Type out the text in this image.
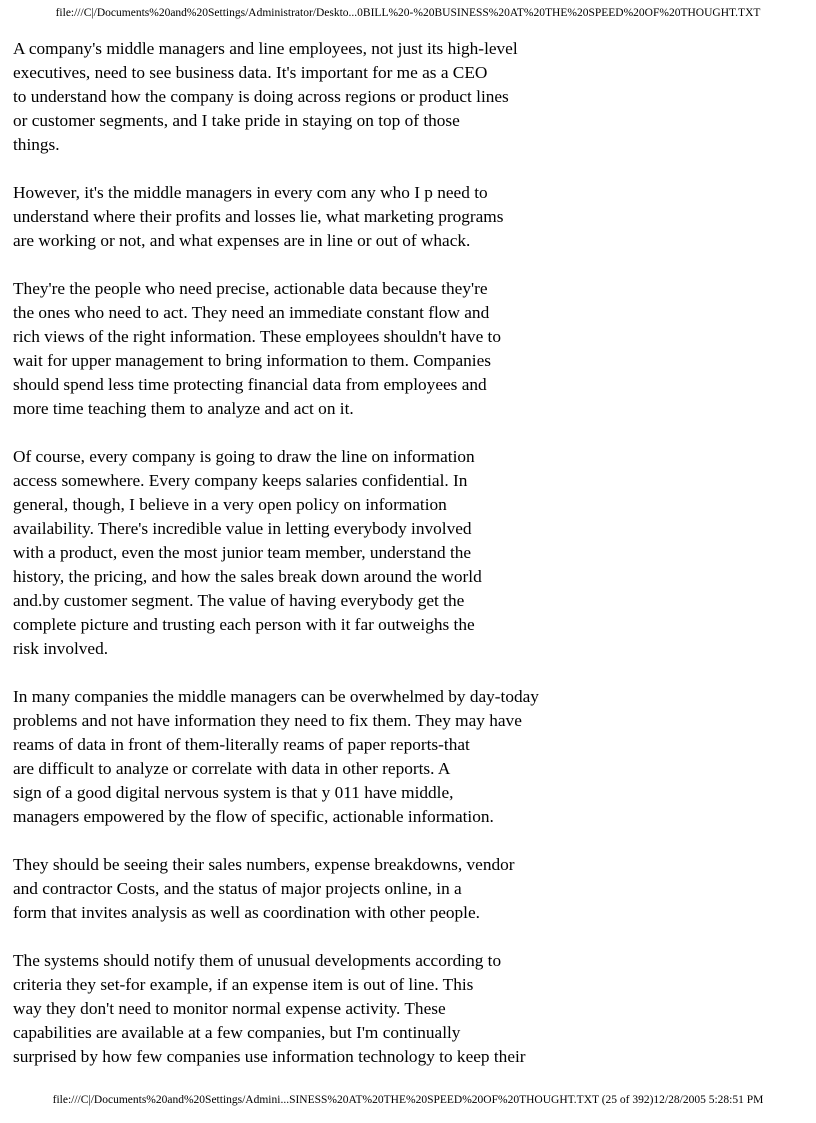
file:///C|/Documents%20and%20Settings/Administrator/Deskto...0BILL%20-%20BUSINESS%20AT%20THE%20SPEED%20OF%20THOUGHT.TXT
A company's middle managers and line employees, not just its high-level
executives, need to see business data. It's important for me as a CEO
to understand how the company is doing across regions or product lines
or customer segments, and I take pride in staying on top of those
things.
However, it's the middle managers in every com any who I p need to
understand where their profits and losses lie, what marketing programs
are working or not, and what expenses are in line or out of whack.
They're the people who need precise, actionable data because they're
the ones who need to act. They need an immediate constant flow and
rich views of the right information. These employees shouldn't have to
wait for upper management to bring information to them. Companies
should spend less time protecting financial data from employees and
more time teaching them to analyze and act on it.
Of course, every company is going to draw the line on information
access somewhere. Every company keeps salaries confidential. In
general, though, I believe in a very open policy on information
availability. There's incredible value in letting everybody involved
with a product, even the most junior team member, understand the
history, the pricing, and how the sales break down around the world
and.by customer segment. The value of having everybody get the
complete picture and trusting each person with it far outweighs the
risk involved.
In many companies the middle managers can be overwhelmed by day-today
problems and not have information they need to fix them. They may have
reams of data in front of them-literally reams of paper reports-that
are difficult to analyze or correlate with data in other reports. A
sign of a good digital nervous system is that y 011 have middle,
managers empowered by the flow of specific, actionable information.
They should be seeing their sales numbers, expense breakdowns, vendor
and contractor Costs, and the status of major projects online, in a
form that invites analysis as well as coordination with other people.
The systems should notify them of unusual developments according to
criteria they set-for example, if an expense item is out of line. This
way they don't need to monitor normal expense activity. These
capabilities are available at a few companies, but I'm continually
surprised by how few companies use information technology to keep their
file:///C|/Documents%20and%20Settings/Admini...SINESS%20AT%20THE%20SPEED%20OF%20THOUGHT.TXT (25 of 392)12/28/2005 5:28:51 PM
